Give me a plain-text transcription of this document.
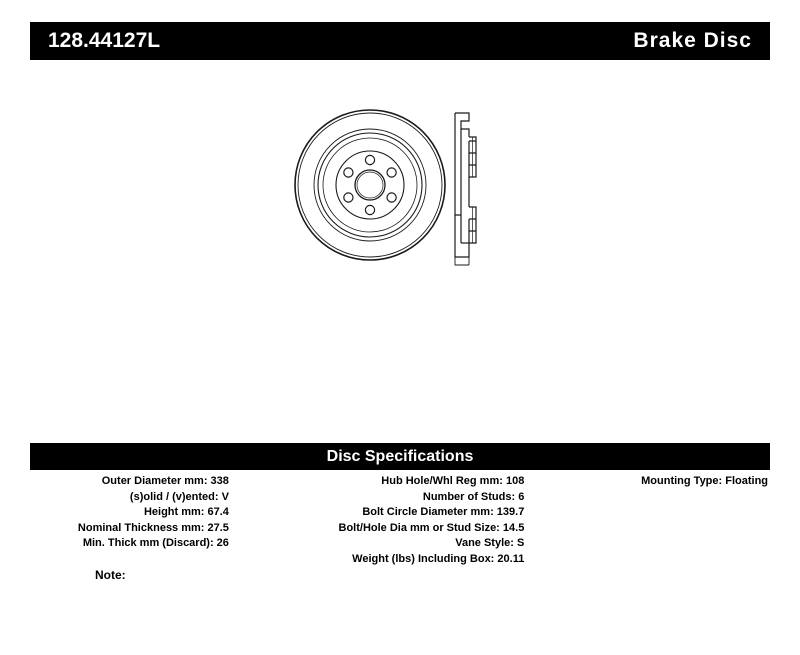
128.44127L	Brake Disc
Disc Specifications
Outer Diameter mm: 338
(s)olid / (v)ented: V
Height mm: 67.4
Nominal Thickness mm: 27.5
Min. Thick mm (Discard): 26
Hub Hole/Whl Reg mm: 108
Number of Studs: 6
Bolt Circle Diameter mm: 139.7
Bolt/Hole Dia mm or Stud Size: 14.5
Vane Style: S
Weight (lbs) Including Box: 20.11
Mounting Type: Floating
Note:
